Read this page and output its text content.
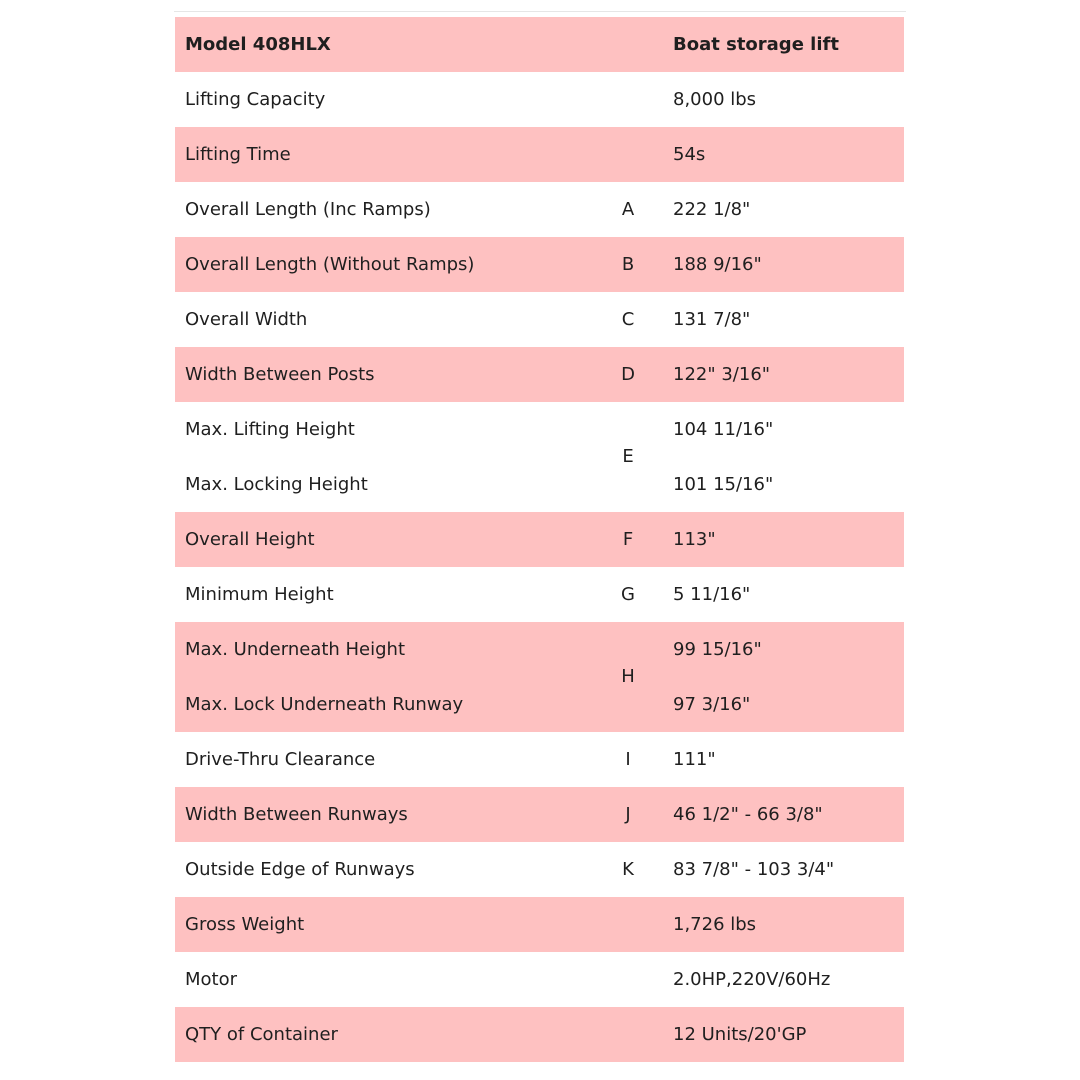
Model 408HLX		Boat storage lift
Lifting Capacity		8,000 lbs
Lifting Time		54s
Overall Length (Inc Ramps)	A	222 1/8"
Overall Length (Without Ramps)	B	188 9/16"
Overall Width	C	131 7/8"
Width Between Posts	D	122" 3/16"
Max. Lifting Height	E	104 11/16"
Max. Locking Height		101 15/16"
Overall Height	F	113"
Minimum Height	G	5 11/16"
Max. Underneath Height	H	99 15/16"
Max. Lock Underneath Runway		97 3/16"
Drive-Thru Clearance	I	111"
Width Between Runways	J	46 1/2" - 66 3/8"
Outside Edge of Runways	K	83 7/8" - 103 3/4"
Gross Weight		1,726 lbs
Motor		2.0HP,220V/60Hz
QTY of Container		12 Units/20'GP
